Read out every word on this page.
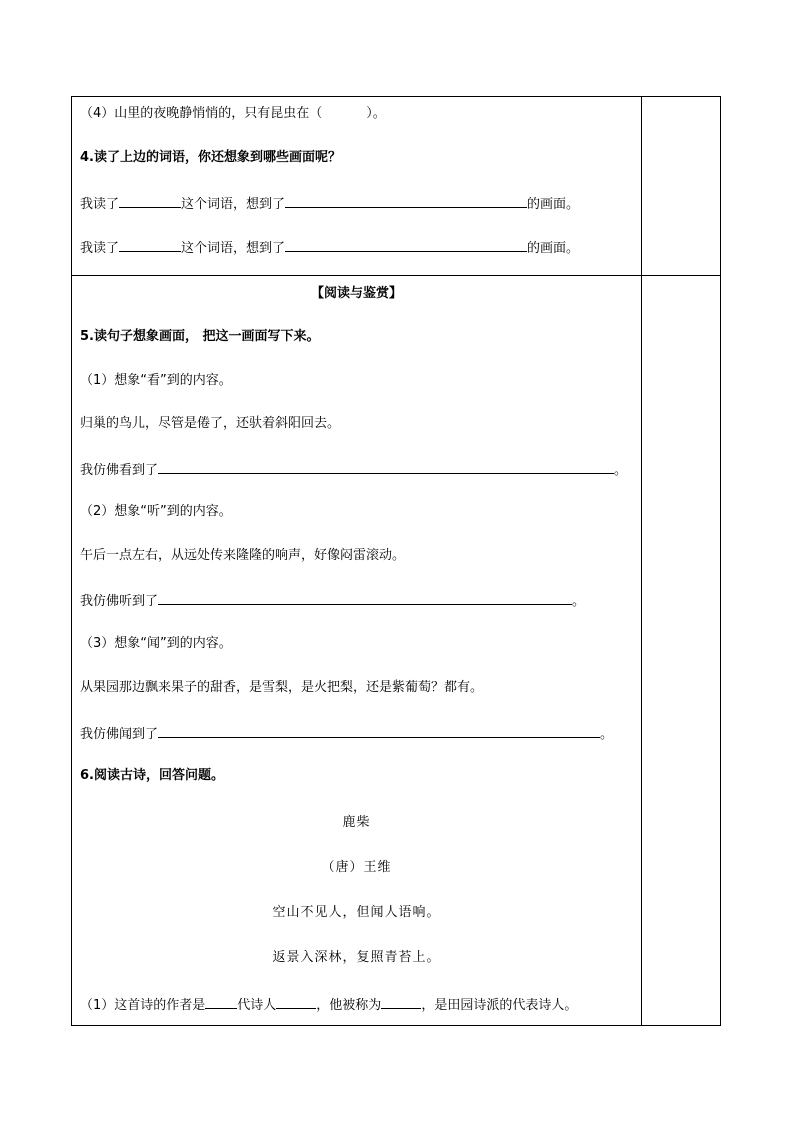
（4）山里的夜晚静悄悄的，只有昆虫在（	）。
4.读了上边的词语，你还想象到哪些画面呢？
我读了	这个词语，想到了	的画面。
我读了	这个词语，想到了	的画面。
【阅读与鉴赏】
5.读句子想象画面， 把这一画面写下来。
（1）想象“看”到的内容。
归巢的鸟儿，尽管是倦了，还驮着斜阳回去。
我仿佛看到了	。
（2）想象“听”到的内容。
午后一点左右，从远处传来隆隆的响声，好像闷雷滚动。
我仿佛听到了	。
（3）想象“闻”到的内容。
从果园那边飘来果子的甜香，是雪梨，是火把梨，还是紫葡萄？都有。
我仿佛闻到了	。
6.阅读古诗，回答问题。
鹿柴
（唐）王维
空山不见人，但闻人语响。
返景入深林，复照青苔上。
（1）这首诗的作者是 代诗人	，他被称为	，是田园诗派的代表诗人。
